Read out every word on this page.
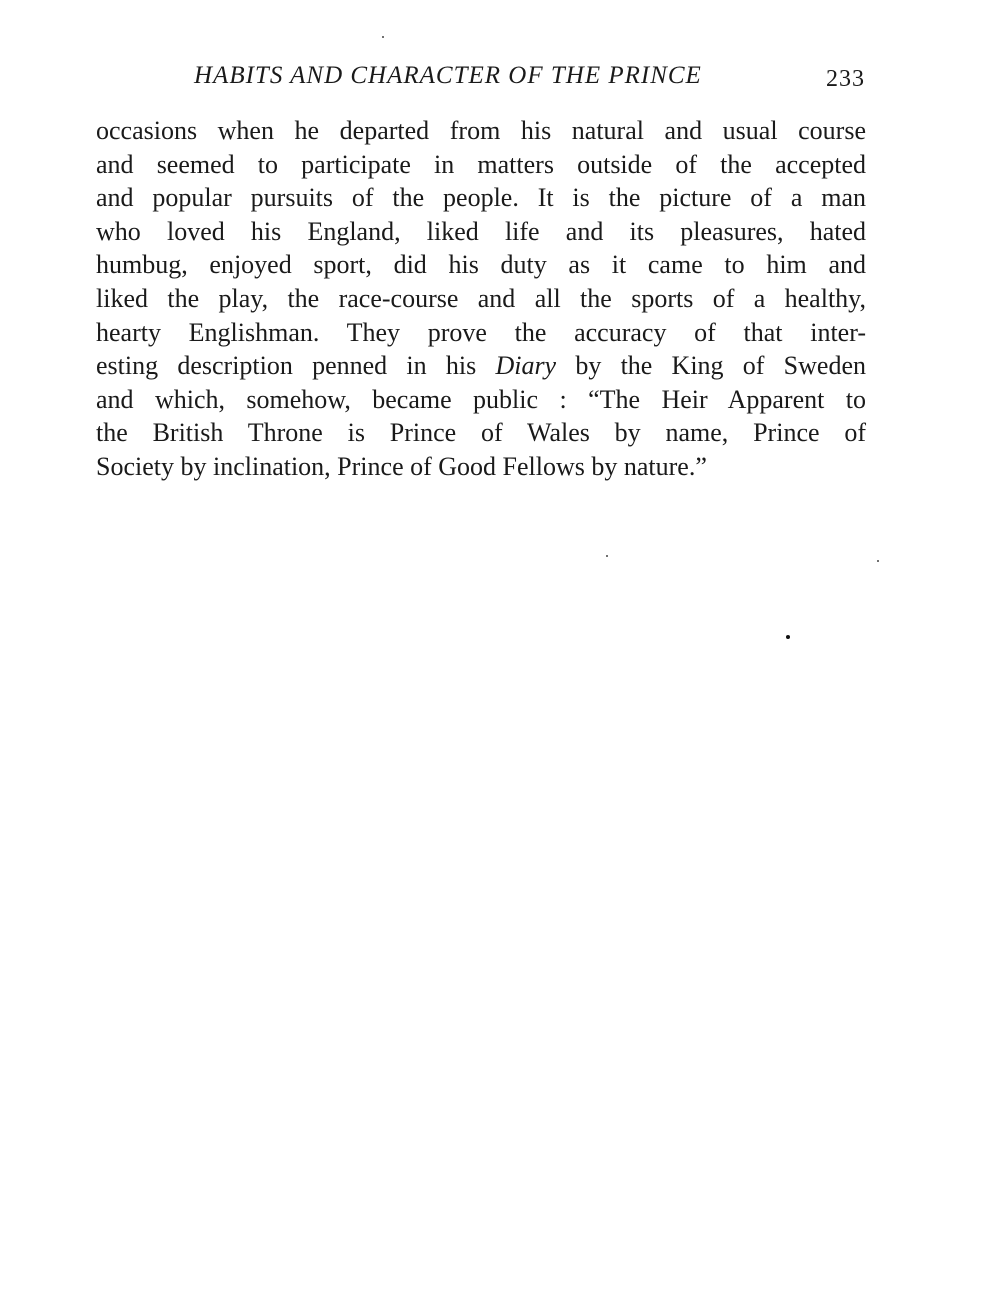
HABITS AND CHARACTER OF THE PRINCE	233
occasions when he departed from his natural and usual course
and seemed to participate in matters outside of the accepted
and popular pursuits of the people. It is the picture of a man
who loved his England, liked life and its pleasures, hated
humbug, enjoyed sport, did his duty as it came to him and
liked the play, the race-course and all the sports of a healthy,
hearty Englishman. They prove the accuracy of that inter-
esting description penned in his Diary by the King of Sweden
and which, somehow, became public : “The Heir Apparent to
the British Throne is Prince of Wales by name, Prince of
Society by inclination, Prince of Good Fellows by nature.”
